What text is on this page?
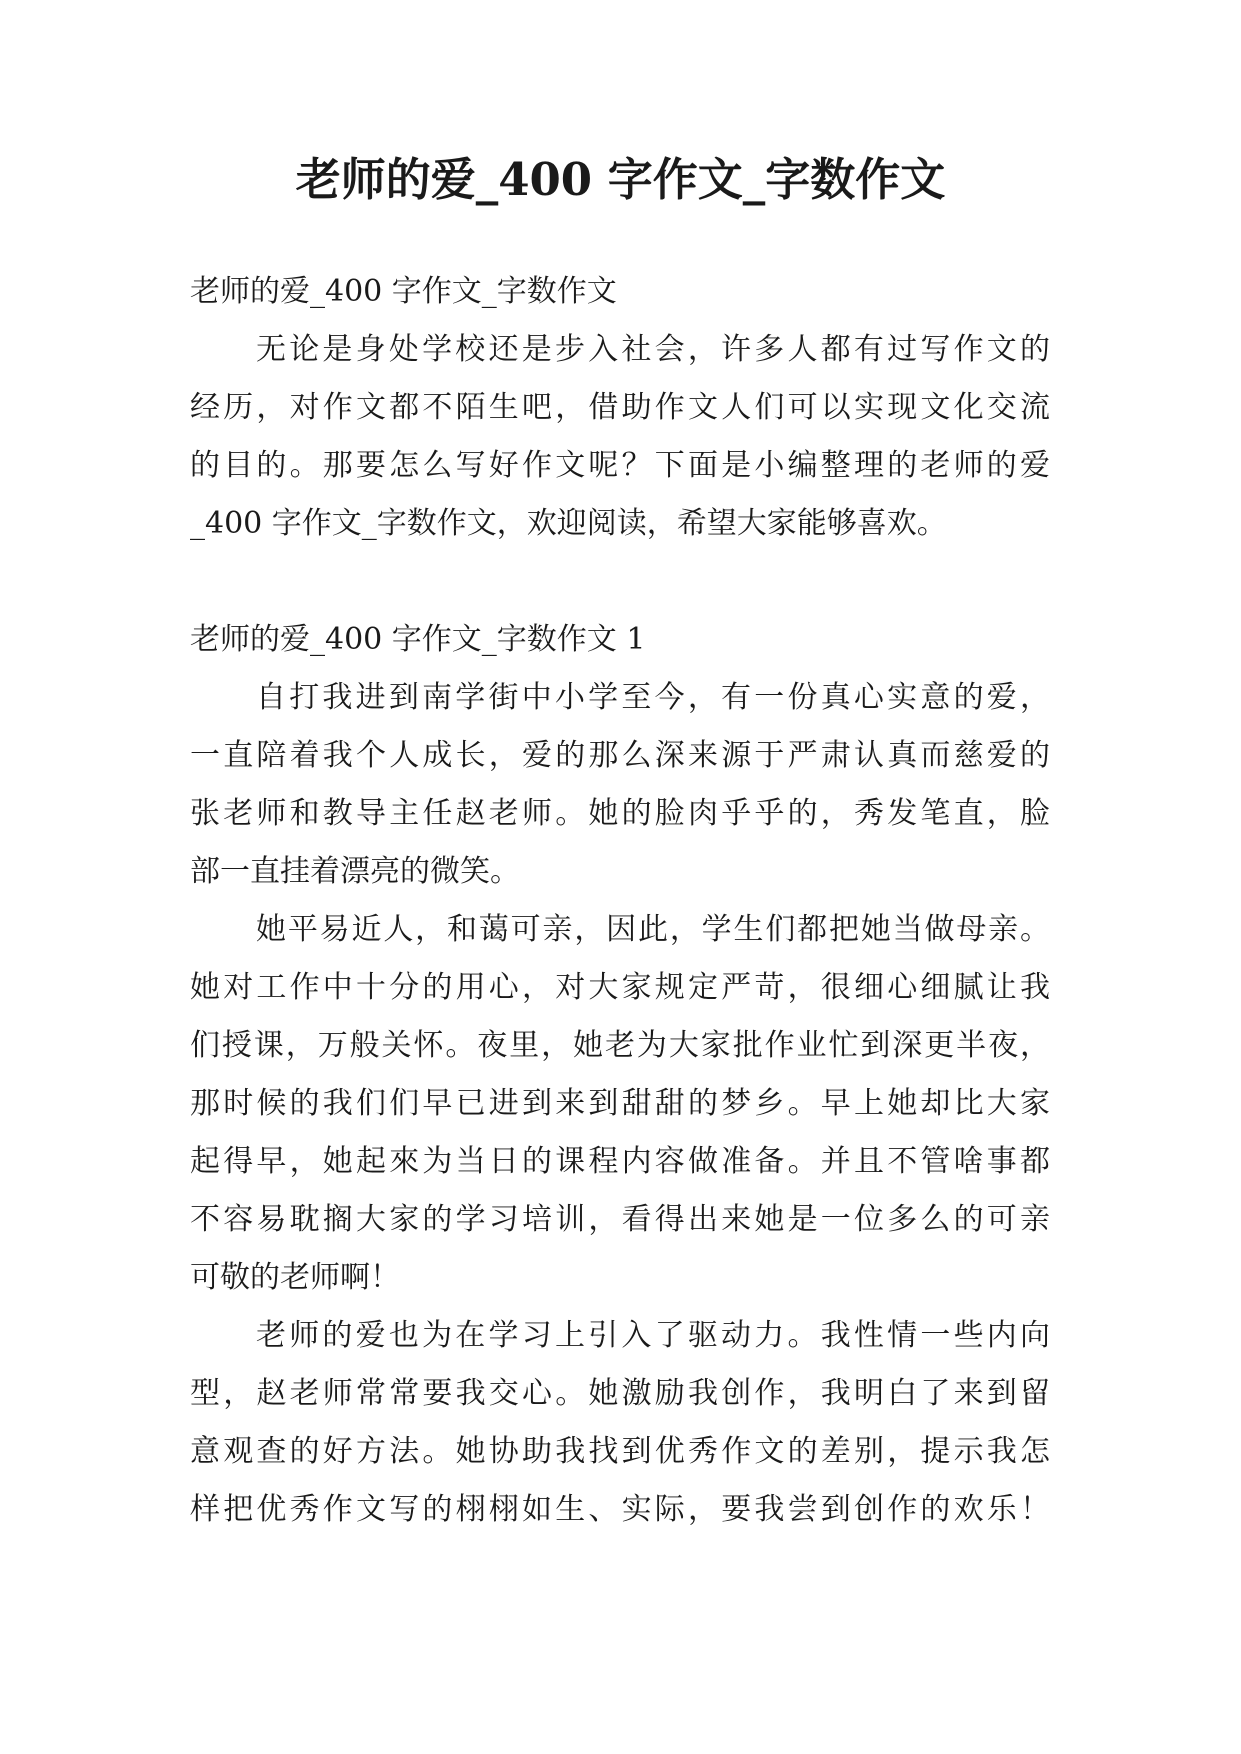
老师的爱_400 字作文_字数作文
老师的爱_400 字作文_字数作文
无论是身处学校还是步入社会，许多人都有过写作文的
经历，对作文都不陌生吧，借助作文人们可以实现文化交流
的目的。那要怎么写好作文呢？下面是小编整理的老师的爱
_400 字作文_字数作文，欢迎阅读，希望大家能够喜欢。
老师的爱_400 字作文_字数作文 1
自打我进到南学街中小学至今，有一份真心实意的爱，
一直陪着我个人成长，爱的那么深来源于严肃认真而慈爱的
张老师和教导主任赵老师。她的脸肉乎乎的，秀发笔直，脸
部一直挂着漂亮的微笑。
她平易近人，和蔼可亲，因此，学生们都把她当做母亲。
她对工作中十分的用心，对大家规定严苛，很细心细腻让我
们授课，万般关怀。夜里，她老为大家批作业忙到深更半夜，
那时候的我们们早已进到来到甜甜的梦乡。早上她却比大家
起得早，她起來为当日的课程内容做准备。并且不管啥事都
不容易耽搁大家的学习培训，看得出来她是一位多么的可亲
可敬的老师啊！
老师的爱也为在学习上引入了驱动力。我性情一些内向
型，赵老师常常要我交心。她激励我创作，我明白了来到留
意观查的好方法。她协助我找到优秀作文的差别，提示我怎
样把优秀作文写的栩栩如生、实际，要我尝到创作的欢乐！
